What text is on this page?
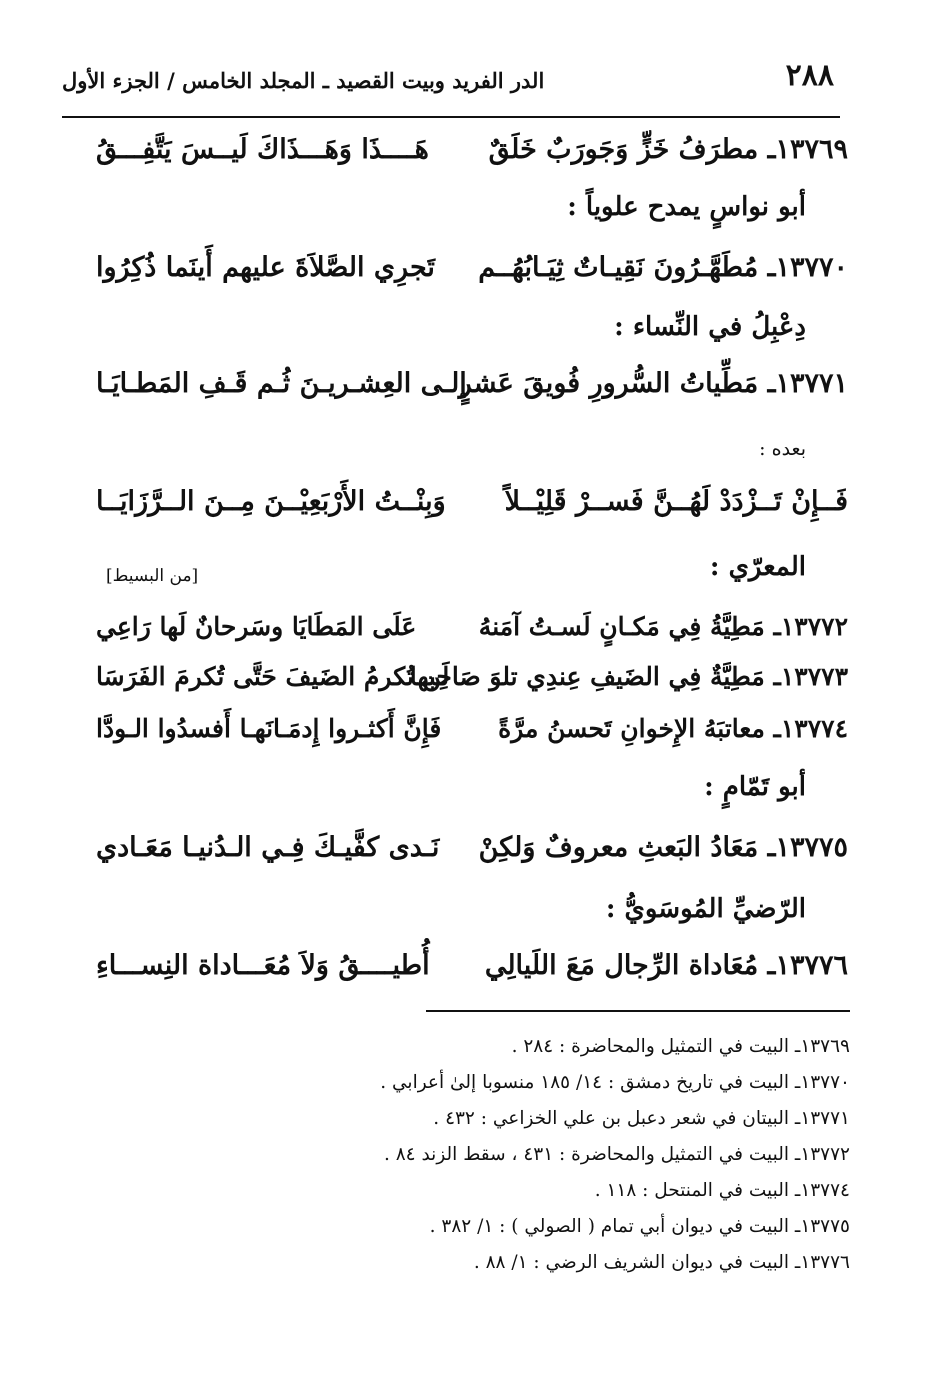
٢٨٨
الدر الفريد وبيت القصيد ـ المجلد الخامس / الجزء الأول
١٣٧٦٩ـ مطرَفُ خَزٍّ وَجَورَبٌ خَلَقٌ
هَــــذَا وَهَـــذَاكَ لَيــسَ يَتَّفِـــقُ
أبو نواسٍ يمدح علوياً :
١٣٧٧٠ـ مُطَهَّـرُونَ نَقِيـاتٌ ثِيَـابُهُــم
تَجرِي الصَّلاَةَ عليهم أَينَما ذُكِرُوا
دِعْبِلُ في النِّساء :
١٣٧٧١ـ مَطِّياتُ السُّرورِ فُويقَ عَشرٍ
إلـى العِشـريـنَ ثُـم قَـفِ المَطـايَـا
بعده :
فَــإِنْ تَــزْدَدْ لَهُــنَّ فَســرْ قَلِيْــلاً
وَبِنْــتُ الأَرْبَعِيْــنَ مِــنَ الــرَّزَايَــا
المعرّي :
[من البسيط]
١٣٧٧٢ـ مَطِيَّةُ فِي مَكـانٍ لَسـتُ آمَنهُ
عَلَى المَطَايَا وسَرحانٌ لَها رَاعِي
١٣٧٧٣ـ مَطِيَّةٌ فِي الضَيفِ عِندِي تلوَ صَاحِبها
لَن تُكرمُ الضَيفَ حَتَّى تُكرمَ الفَرَسَا
١٣٧٧٤ـ معاتبَهُ الإِخوانِ تَحسنُ مرَّةً
فَإِنَّ أَكثـروا إِدمَـانَهـا أَفسدُوا الـودَّا
أبو تَمّامٍ :
١٣٧٧٥ـ مَعَادُ البَعثِ معروفٌ وَلكِنْ
نَـدى كفَّيـكَ فِـي الـدُنيـا مَعَـادي
الرّضيِّ المُوسَويُّ :
١٣٧٧٦ـ مُعَاداة الرِّجال مَعَ اللَيالِي
أُطيــــقُ وَلاَ مُعَـــاداة النِســـاءِ
١٣٧٦٩ـ البيت في التمثيل والمحاضرة : ٢٨٤ .
١٣٧٧٠ـ البيت في تاريخ دمشق : ١٤/ ١٨٥ منسوبا إلىٰ أعرابي .
١٣٧٧١ـ البيتان في شعر دعبل بن علي الخزاعي : ٤٣٢ .
١٣٧٧٢ـ البيت في التمثيل والمحاضرة : ٤٣١ ، سقط الزند ٨٤ .
١٣٧٧٤ـ البيت في المنتحل : ١١٨ .
١٣٧٧٥ـ البيت في ديوان أبي تمام ( الصولي ) : ١/ ٣٨٢ .
١٣٧٧٦ـ البيت في ديوان الشريف الرضي : ١/ ٨٨ .
